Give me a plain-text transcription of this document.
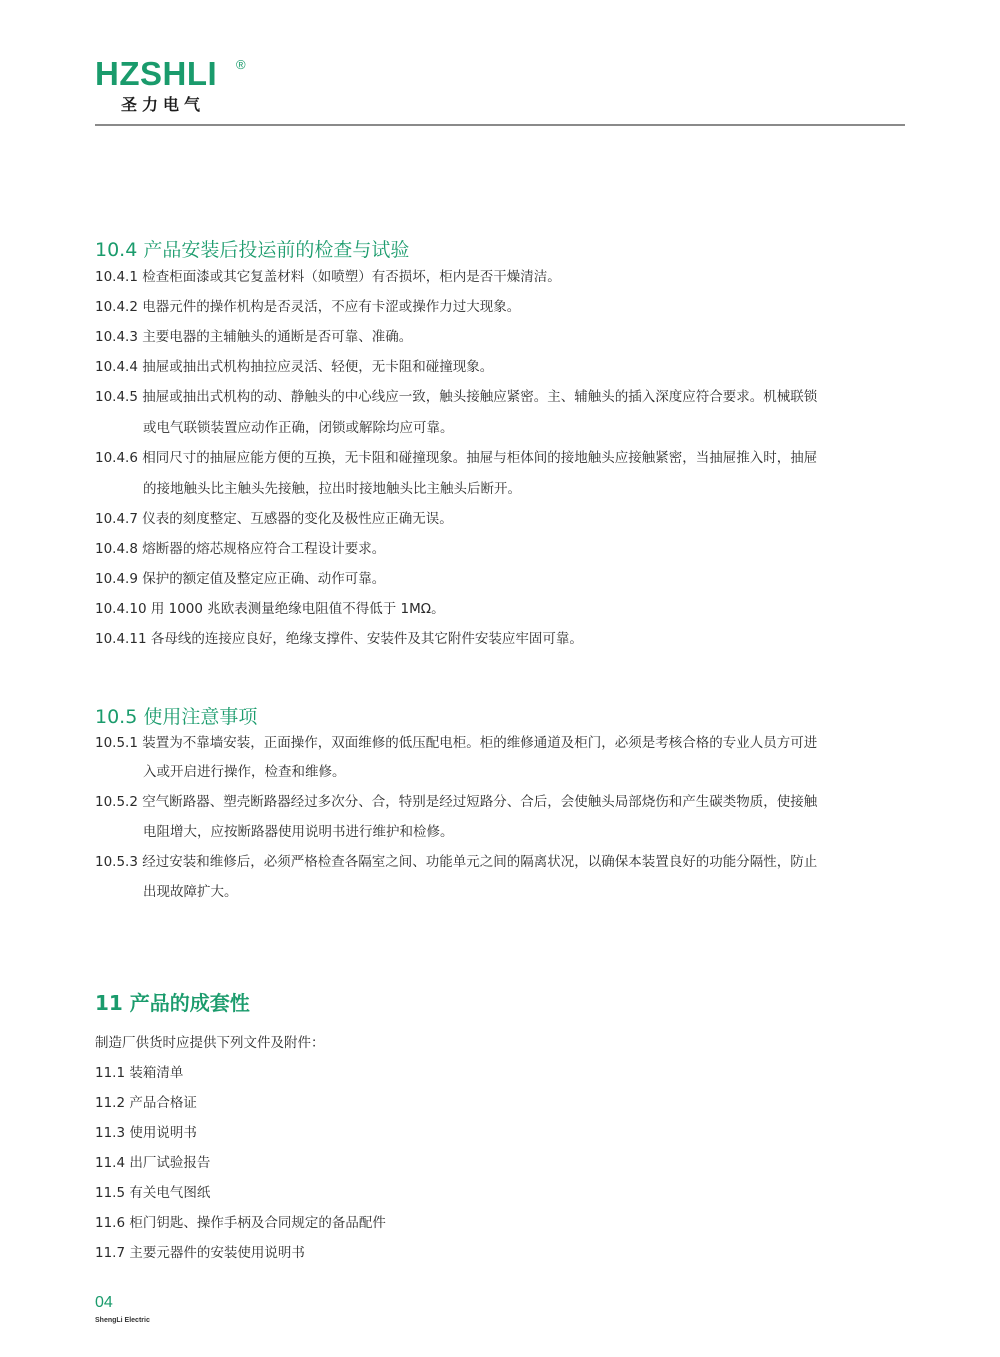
HZSHLI ®
圣力电气
10.4 产品安装后投运前的检查与试验
10.4.1 检查柜面漆或其它复盖材料（如喷塑）有否损坏，柜内是否干燥清洁。
10.4.2 电器元件的操作机构是否灵活，不应有卡涩或操作力过大现象。
10.4.3 主要电器的主辅触头的通断是否可靠、准确。
10.4.4 抽屉或抽出式机构抽拉应灵活、轻便，无卡阻和碰撞现象。
10.4.5 抽屉或抽出式机构的动、静触头的中心线应一致，触头接触应紧密。主、辅触头的插入深度应符合要求。机械联锁
或电气联锁装置应动作正确，闭锁或解除均应可靠。
10.4.6 相同尺寸的抽屉应能方便的互换，无卡阻和碰撞现象。抽屉与柜体间的接地触头应接触紧密，当抽屉推入时，抽屉
的接地触头比主触头先接触，拉出时接地触头比主触头后断开。
10.4.7 仪表的刻度整定、互感器的变化及极性应正确无误。
10.4.8 熔断器的熔芯规格应符合工程设计要求。
10.4.9 保护的额定值及整定应正确、动作可靠。
10.4.10 用 1000 兆欧表测量绝缘电阻值不得低于 1MΩ。
10.4.11 各母线的连接应良好，绝缘支撑件、安装件及其它附件安装应牢固可靠。
10.5 使用注意事项
10.5.1 装置为不靠墙安装，正面操作，双面维修的低压配电柜。柜的维修通道及柜门，必须是考核合格的专业人员方可进
入或开启进行操作，检查和维修。
10.5.2 空气断路器、塑壳断路器经过多次分、合，特别是经过短路分、合后，会使触头局部烧伤和产生碳类物质，使接触
电阻增大，应按断路器使用说明书进行维护和检修。
10.5.3 经过安装和维修后，必须严格检查各隔室之间、功能单元之间的隔离状况，以确保本装置良好的功能分隔性，防止
出现故障扩大。
11 产品的成套性
制造厂供货时应提供下列文件及附件：
11.1 装箱清单
11.2 产品合格证
11.3 使用说明书
11.4 出厂试验报告
11.5 有关电气图纸
11.6 柜门钥匙、操作手柄及合同规定的备品配件
11.7 主要元器件的安装使用说明书
04
ShengLi Electric
